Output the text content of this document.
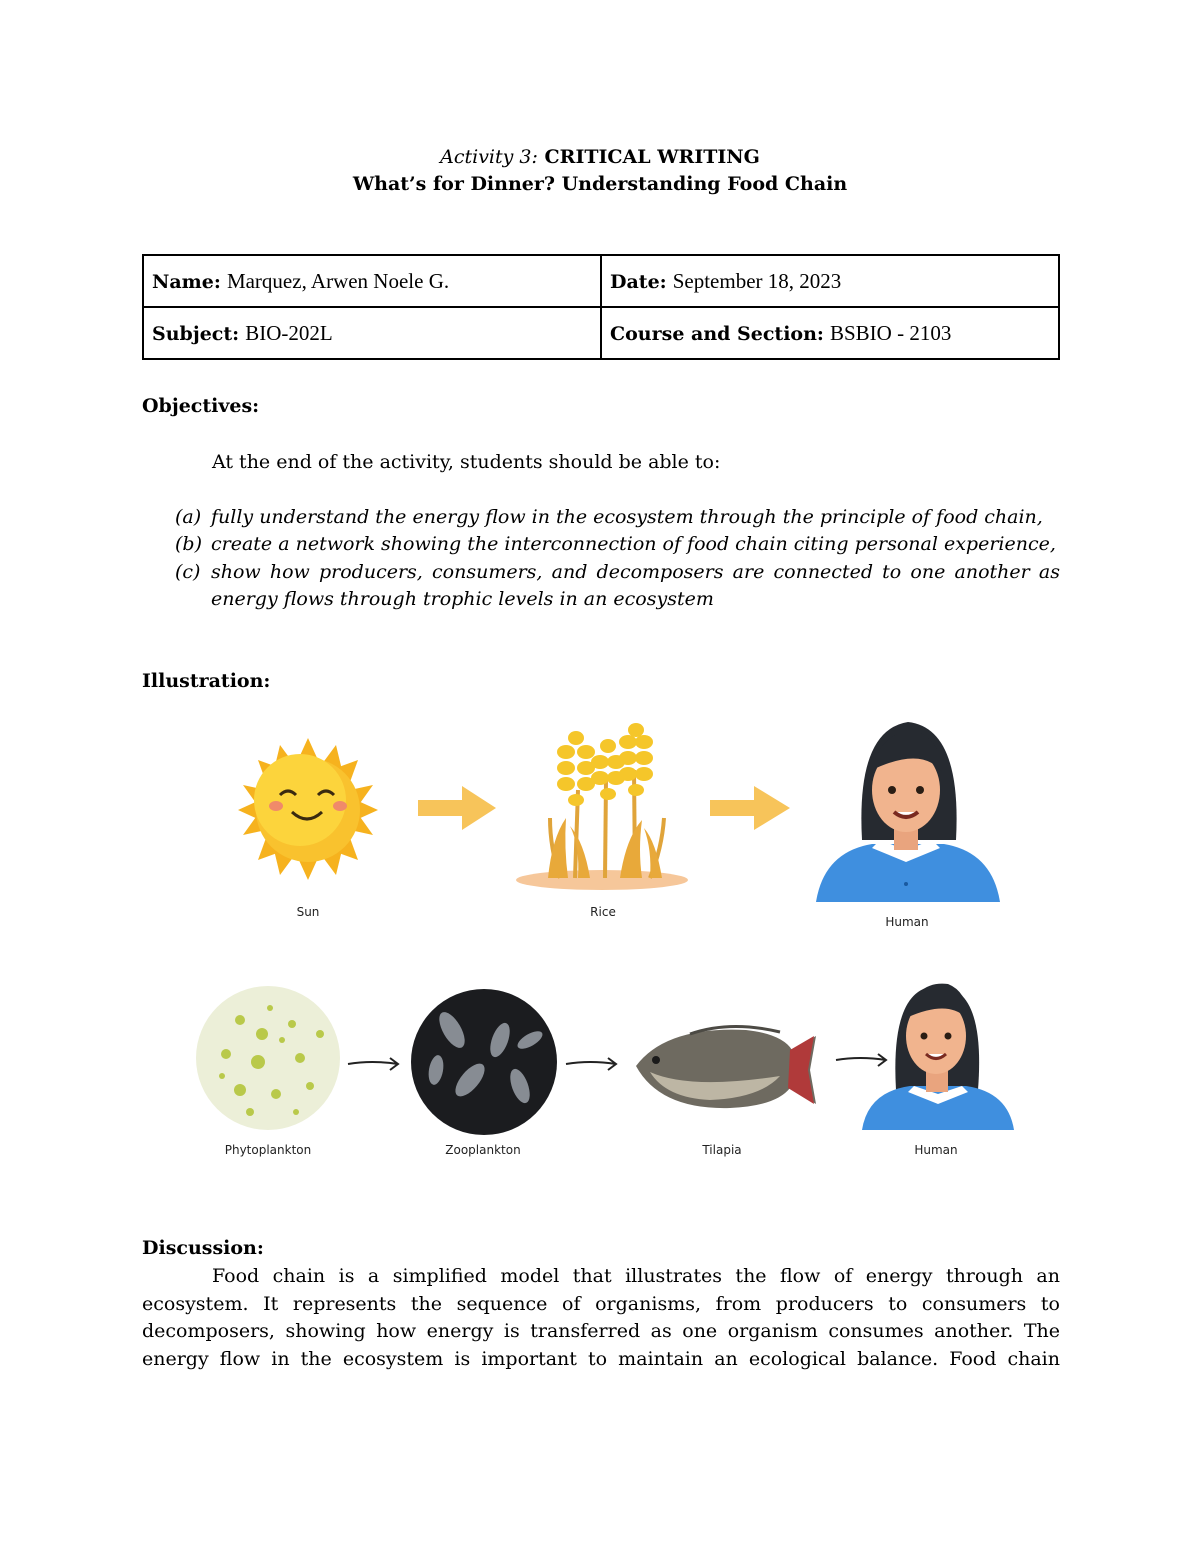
Activity 3: CRITICAL WRITING
What’s for Dinner? Understanding Food Chain
Name: Marquez, Arwen Noele G.	Date: September 18, 2023
Subject: BIO-202L	Course and Section: BSBIO - 2103
Objectives:
At the end of the activity, students should be able to:
(a) fully understand the energy flow in the ecosystem through the principle of food chain,
(b) create a network showing the interconnection of food chain citing personal experience,
(c) show how producers, consumers, and decomposers are connected to one another as
energy flows through trophic levels in an ecosystem
Illustration:
Sun	Rice
Human
Phytoplankton	Zooplankton	Tilapia	Human
Discussion:
Food chain is a simplified model that illustrates the flow of energy through an
ecosystem. It represents the sequence of organisms, from producers to consumers to
decomposers, showing how energy is transferred as one organism consumes another. The
energy flow in the ecosystem is important to maintain an ecological balance. Food chain
